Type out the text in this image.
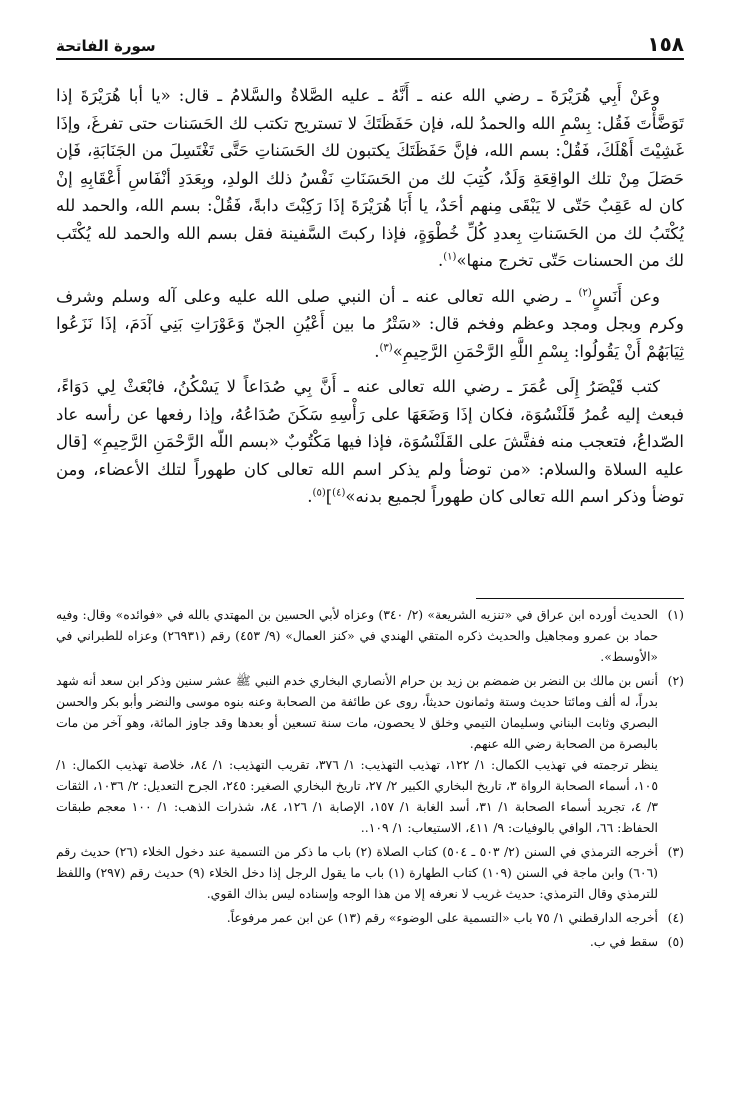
١٥٨
سورة الفاتحة

وعَنْ أَبِي هُرَيْرَةَ ـ رضي الله عنه ـ أَنَّهُ ـ عليه الصَّلاةُ والسَّلامُ ـ قال: «يا أبا هُرَيْرَةَ إذا تَوَضَّأْتَ فَقُل: بِسْمِ الله والحمدُ لله، فإن حَفَظَتَكَ لا تستريح تكتب لك الحَسَنات حتى تفرغَ، وإذَا غَشِيْتَ أَهْلَكَ، فَقُلْ: بسم الله، فإنَّ حَفَظَتَكَ يكتبون لك الحَسَناتِ حَتَّى تَغْتَسِلَ من الجَنَابَةِ، فَإن حَصَلَ مِنْ تلك الواقِعَةِ وَلَدٌ، كُتِبَ لك من الحَسَنَاتِ نَفْسُ ذلك الولدِ، وبِعَدَدِ أنْفَاسِ أَعْقَابِهِ إنْ كان له عَقِبٌ حَتّى لا يَبْقَى مِنهم أحَدٌ، يا أَبَا هُرَيْرَةَ إذَا رَكِبْتَ دابةً، فَقُلْ: بسم الله، والحمد لله يُكْتَبُ لك من الحَسَناتِ بِعددِ كُلِّ خُطْوَةٍ، فإذا ركبتَ السَّفينة فقل بسم الله والحمد لله يُكْتَب لك من الحسنات حَتّى تخرج منها»$^{(١)}$.

وعن أَنَسٍ$^{(٢)}$ ـ رضي الله تعالى عنه ـ أن النبي صلى الله عليه وعلى آله وسلم وشرف وكرم وبجل ومجد وعظم وفخم قال: «سَتْرُ ما بين أَعْيُنِ الجنّ وَعَوْرَاتِ بَنِي آدَمَ، إذَا نَزَعُوا ثِيَابَهُمْ أَنْ يَقُولُوا: بِسْمِ اللَّهِ الرَّحْمَنِ الرَّحِيمِ»$^{(٣)}$.

كتب قَيْصَرُ إِلَى عُمَرَ ـ رضي الله تعالى عنه ـ أَنَّ بِي صُدَاعاً لا يَسْكُنُ، فابْعَثْ لِي دَوَاءً، فبعث إليه عُمرُ قَلَنْسُوَة، فكان إذَا وَضَعَهَا على رَأْسِهِ سَكَنَ صُدَاعُهُ، وإذا رفعها عن رأسه عاد الصّداعُ، فتعجب منه ففتَّشَ على القَلَنْسُوَة، فإذا فيها مَكْتُوبٌ «بسم اللّه الرَّحْمَنِ الرَّحِيمِ» [قال عليه السلاة والسلام: «من توضأ ولم يذكر اسم الله تعالى كان طهوراً لتلك الأعضاء، ومن توضأ وذكر اسم الله تعالى كان طهوراً لجميع بدنه»$^{(٤)}$]$^{(٥)}$.

(١)

الحديث أورده ابن عراق في «تنزيه الشريعة» (٢/ ٣٤٠) وعزاه لأبي الحسين بن المهتدي بالله في «فوائده» وقال: وفيه حماد بن عمرو ومجاهيل والحديث ذكره المتقي الهندي في «كنز العمال» (٩/ ٤٥٣) رقم (٢٦٩٣١) وعزاه للطبراني في «الأوسط».

(٢)

أنس بن مالك بن النضر بن ضمضم بن زيد بن حرام الأنصاري البخاري خدم النبي ﷺ عشر سنين وذكر ابن سعد أنه شهد بدراً، له ألف ومائتا حديث وستة وثمانون حديثاً، روى عن طائفة من الصحابة وعنه بنوه موسى والنضر وأبو بكر والحسن البصري وثابت البناني وسليمان التيمي وخلق لا يحصون، مات سنة تسعين أو بعدها وقد جاوز المائة، وهو آخر من مات بالبصرة من الصحابة رضي الله عنهم.

ينظر ترجمته في تهذيب الكمال: ١/ ١٢٢، تهذيب التهذيب: ١/ ٣٧٦، تقريب التهذيب: ١/ ٨٤، خلاصة تهذيب الكمال: ١/ ١٠٥، أسماء الصحابة الرواة ٣، تاريخ البخاري الكبير ٢/ ٢٧، تاريخ البخاري الصغير: ٢٤٥، الجرح التعديل: ٢/ ١٠٣٦، الثقات ٣/ ٤، تجريد أسماء الصحابة ١/ ٣١، أسد الغابة ١/ ١٥٧، الإصابة ١/ ١٢٦، ٨٤، شذرات الذهب: ١/ ١٠٠ معجم طبقات الحفاظ: ٦٦، الوافي بالوفيات: ٩/ ٤١١، الاستيعاب: ١/ ١٠٩..

(٣)

أخرجه الترمذي في السنن (٢/ ٥٠٣ ـ ٥٠٤) كتاب الصلاة (٢) باب ما ذكر من التسمية عند دخول الخلاء (٢٦) حديث رقم (٦٠٦) وابن ماجة في السنن (١٠٩) كتاب الطهارة (١) باب ما يقول الرجل إذا دخل الخلاء (٩) حديث رقم (٢٩٧) واللفظ للترمذي وقال الترمذي: حديث غريب لا نعرفه إلا من هذا الوجه وإسناده ليس بذاك القوي.

(٤)

أخرجه الدارقطني ١/ ٧٥ باب «التسمية على الوضوء» رقم (١٣) عن ابن عمر مرفوعاً.

(٥)

سقط في ب.
